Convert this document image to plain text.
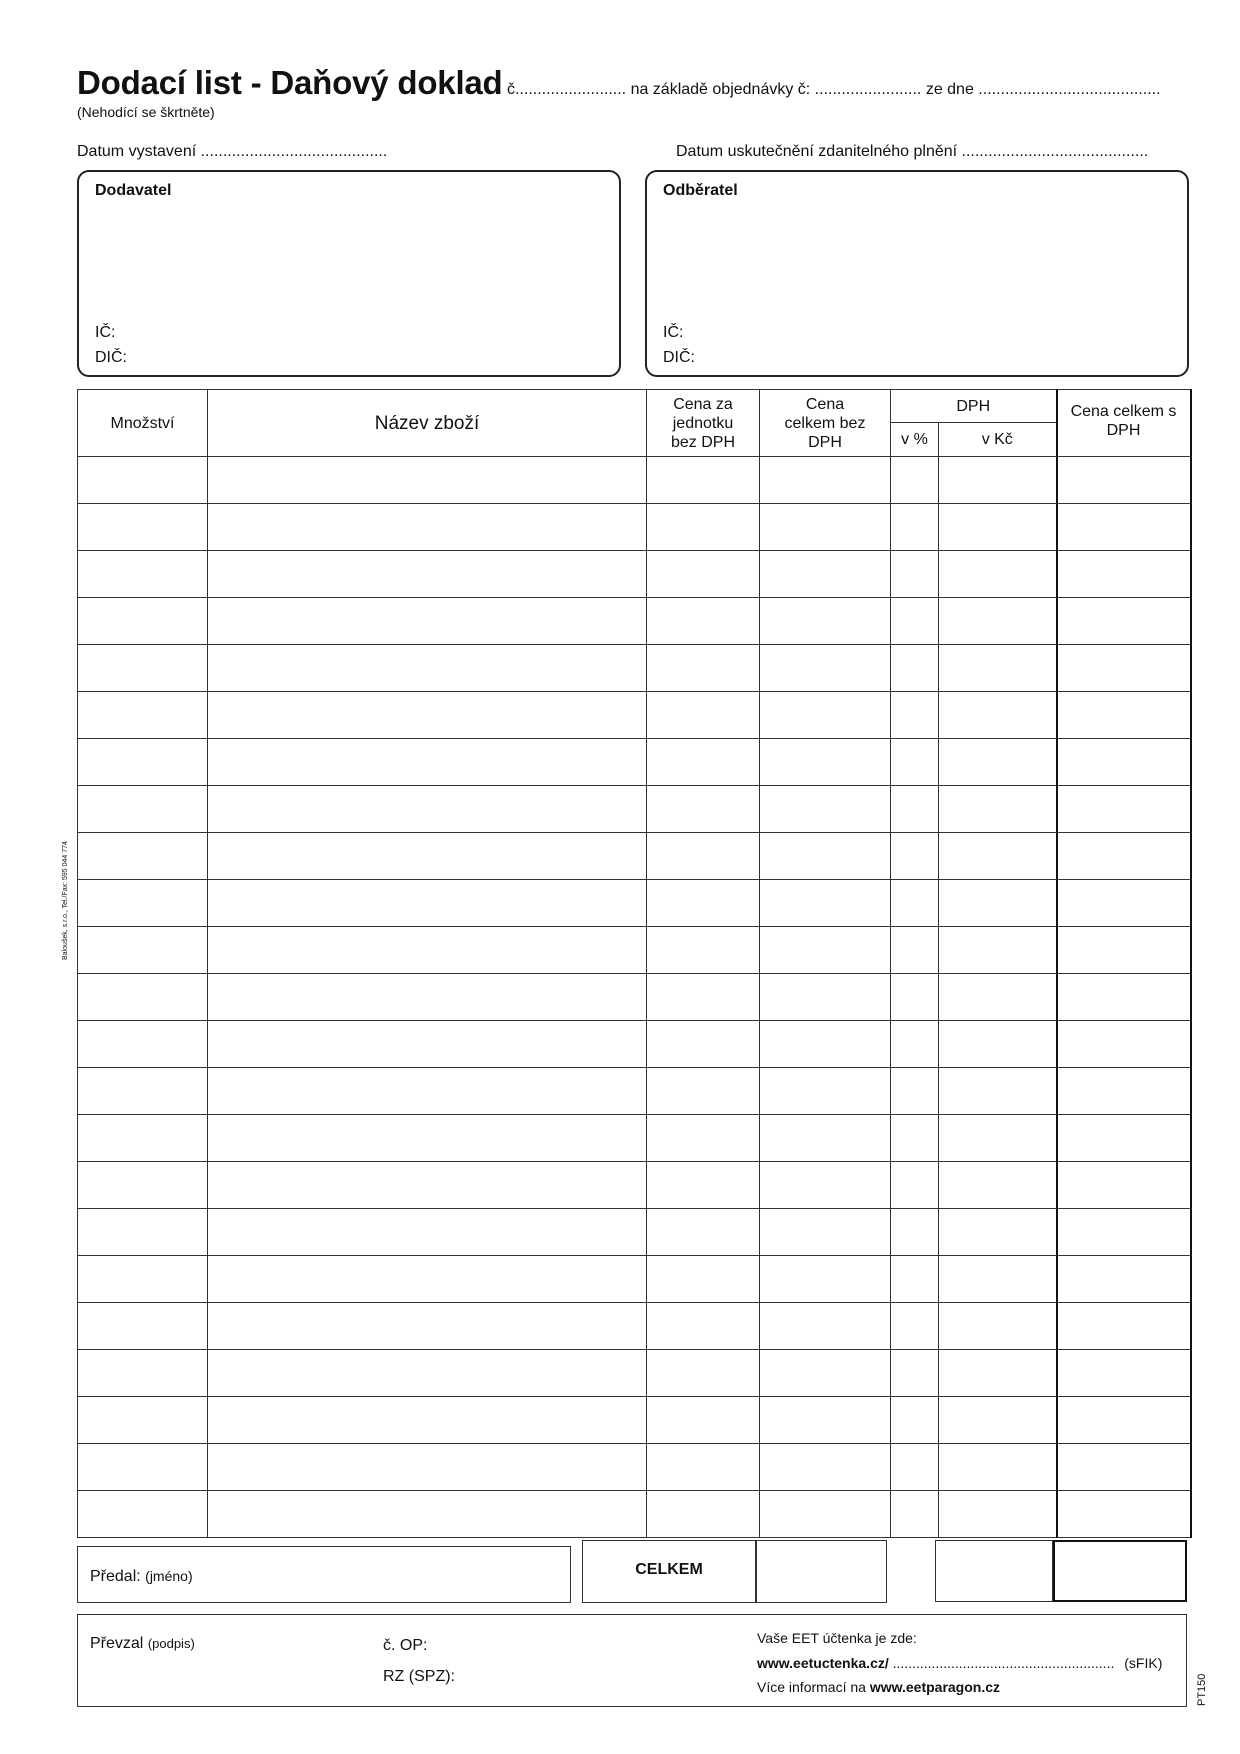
Dodací list - Daňový doklad č......................... na základě objednávky č: ........................ ze dne .........................................
(Nehodící se škrtněte)
Datum vystavení ..........................................	Datum uskutečnění zdanitelného plnění ..........................................
Dodavatel
IČ:
DIČ:
Odběratel
IČ:
DIČ:
Množství	Název zboží	Cena za jednotku bez DPH	Cena celkem bez DPH	DPH		Cena celkem s DPH
				v %	v Kč	

Předal: (jméno)	CELKEM
Převzal (podpis)	č. OP:
RZ (SPZ):
Vaše EET účtenka je zde:
www.eetuctenka.cz/ ......................................................... (sFIK)
Více informací na www.eetparagon.cz
Baloušek, s.r.o., Tel./Fax: 595 044 774
PT150
